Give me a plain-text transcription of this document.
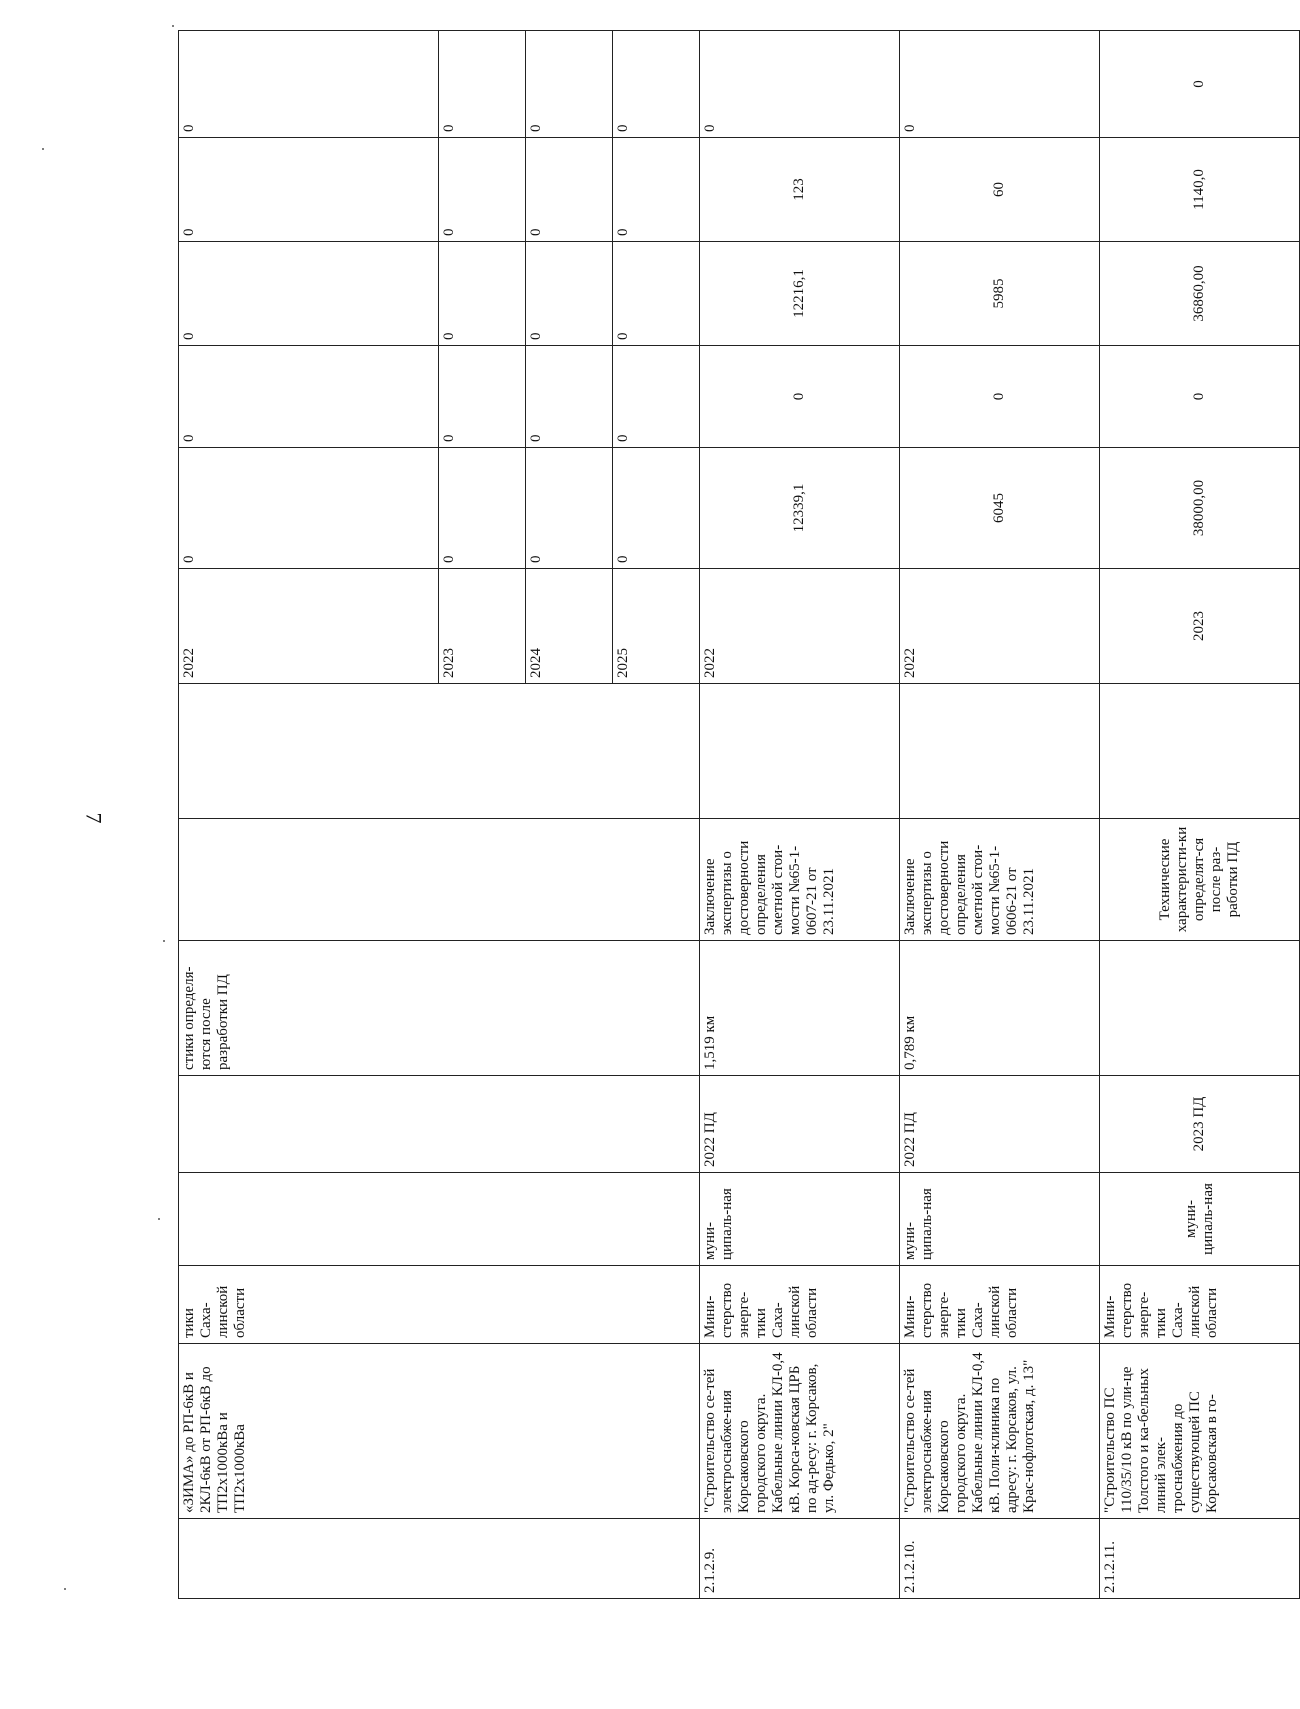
7
	«ЗИМА» до РП-6кВ и 2КЛ-6кВ от РП-6кВ до ТП2х1000кВа и ТП2х1000кВа	тики Саха-линской области			стики определя-ются после разработки ПД			2022	0	0	0	0	0
								2023	0	0	0	0	0
								2024	0	0	0	0	0
								2025	0	0	0	0	0
2.1.2.9.	"Строительство се-тей электроснабже-ния Корсаковского городского округа. Кабельные линии КЛ-0,4 кВ. Корса-ковская ЦРБ по ад-ресу: г. Корсаков, ул. Федько, 2"	Мини-стерство энерге-тики Саха-линской области	муни-ципаль-ная	2022 ПД	1,519 км	Заключение экспертизы о достоверности определения сметной стои-мости №65-1-0607-21 от 23.11.2021		2022	12339,1	0	12216,1	123	0
2.1.2.10.	"Строительство се-тей электроснабже-ния Корсаковского городского округа. Кабельные линии КЛ-0,4 кВ. Поли-клиника по адресу: г. Корсаков, ул. Крас-нофлотская, д. 13"	Мини-стерство энерге-тики Саха-линской области	муни-ципаль-ная	2022 ПД	0,789 км	Заключение экспертизы о достоверности определения сметной стои-мости №65-1-0606-21 от 23.11.2021		2022	6045	0	5985	60	0
2.1.2.11.	"Строительство ПС 110/35/10 кВ по ули-це Толстого и ка-бельных линий элек-троснабжения до существующей ПС Корсаковская в го-	Мини-стерство энерге-тики Саха-линской области	муни-ципаль-ная	2023 ПД		Технические характеристи-ки определят-ся после раз-работки ПД		2023	38000,00	0	36860,00	1140,0	0
